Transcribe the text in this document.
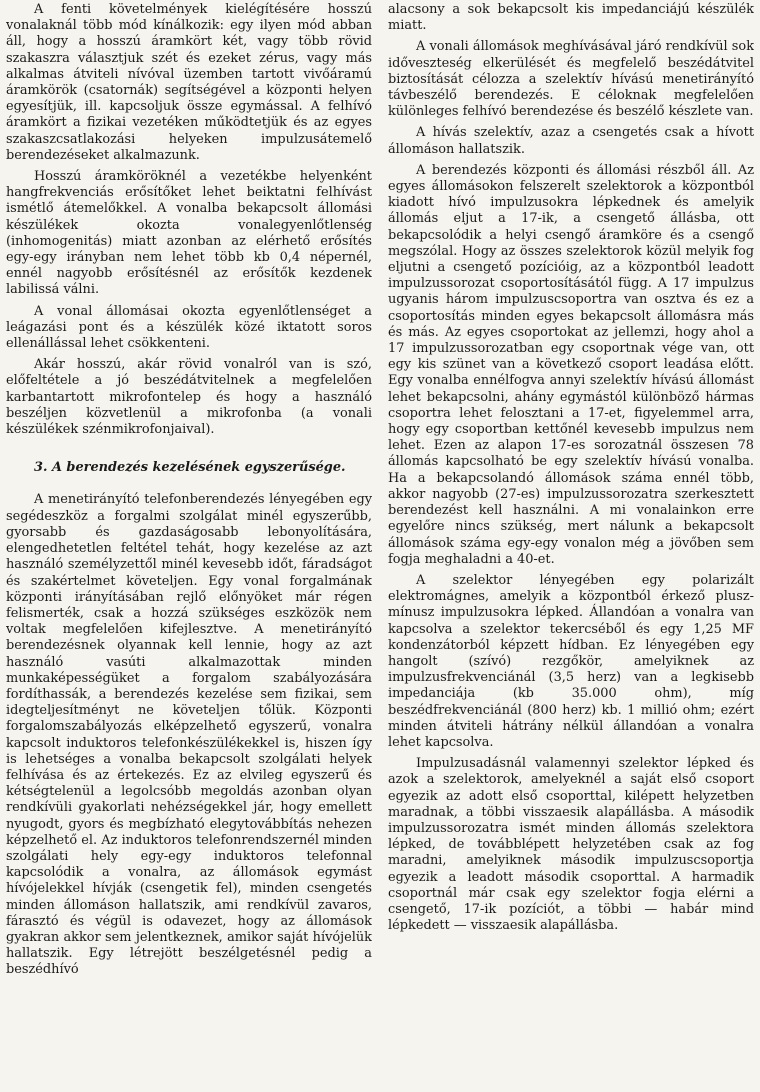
A fenti követelmények kielégítésére hosszú vonalaknál több mód kínálkozik: egy ilyen mód abban áll, hogy a hosszú áramkört két, vagy több rövid szakaszra választjuk szét és ezeket zérus, vagy más alkalmas átviteli nívóval üzemben tartott vivőáramú áramkörök (csatornák) segítségével a központi helyen egyesítjük, ill. kapcsoljuk össze egymással. A felhívó áramkört a fizikai vezetéken működtetjük és az egyes szakaszcsatlakozási helyeken impulzusátemelő berendezéseket alkalmazunk.

Hosszú áramköröknél a vezetékbe helyenként hangfrekvenciás erősítőket lehet beiktatni felhívást ismétlő átemelőkkel. A vonalba bekapcsolt állomási készülékek okozta vonalegyenlőtlenség (inhomogenitás) miatt azonban az elérhető erősítés egy-egy irányban nem lehet több kb 0,4 népernél, ennél nagyobb erősítésnél az erősítők kezdenek labilissá válni.

A vonal állomásai okozta egyenlőtlenséget a leágazási pont és a készülék közé iktatott soros ellenállással lehet csökkenteni.

Akár hosszú, akár rövid vonalról van is szó, előfeltétele a jó beszédátvitelnek a megfelelően karbantartott mikrofontelep és hogy a használó beszéljen közvetlenül a mikrofonba (a vonali készülékek szénmikrofonjaival).

3. A berendezés kezelésének egyszerűsége.

A menetirányító telefonberendezés lényegében egy segédeszköz a forgalmi szolgálat minél egyszerűbb, gyorsabb és gazdaságosabb lebonyolítására, elengedhetetlen feltétel tehát, hogy kezelése az azt használó személyzettől minél kevesebb időt, fáradságot és szakértelmet követeljen. Egy vonal forgalmának központi irányításában rejlő előnyöket már régen felismerték, csak a hozzá szükséges eszközök nem voltak megfelelően kifejlesztve. A menetirányító berendezésnek olyannak kell lennie, hogy az azt használó vasúti alkalmazottak minden munkaképességüket a forgalom szabályozására fordíthassák, a berendezés kezelése sem fizikai, sem idegteljesítményt ne követeljen tőlük. Központi forgalomszabályozás elképzelhető egyszerű, vonalra kapcsolt induktoros telefonkészülékekkel is, hiszen így is lehetséges a vonalba bekapcsolt szolgálati helyek felhívása és az értekezés. Ez az elvileg egyszerű és kétségtelenül a legolcsóbb megoldás azonban olyan rendkívüli gyakorlati nehézségekkel jár, hogy emellett nyugodt, gyors és megbízható elegytovábbítás nehezen képzelhető el. Az induktoros telefonrendszernél minden szolgálati hely egy-egy induktoros telefonnal kapcsolódik a vonalra, az állomások egymást hívójelekkel hívják (csengetik fel), minden csengetés minden állomáson hallatszik, ami rendkívül zavaros, fárasztó és végül is odavezet, hogy az állomások gyakran akkor sem jelentkeznek, amikor saját hívójelük hallatszik. Egy létrejött beszélgetésnél pedig a beszédhívó

alacsony a sok bekapcsolt kis impedanciájú készülék miatt.

A vonali állomások meghívásával járó rendkívül sok időveszteség elkerülését és megfelelő beszédátvitel biztosítását célozza a szelektív hívású menetirányító távbeszélő berendezés. E céloknak megfelelően különleges felhívó berendezése és beszélő készlete van.

A hívás szelektív, azaz a csengetés csak a hívott állomáson hallatszik.

A berendezés központi és állomási részből áll. Az egyes állomásokon felszerelt szelektorok a központból kiadott hívó impulzusokra lépkednek és amelyik állomás eljut a 17-ik, a csengető állásba, ott bekapcsolódik a helyi csengő áramköre és a csengő megszólal. Hogy az összes szelektorok közül melyik fog eljutni a csengető pozícióig, az a központból leadott impulzussorozat csoportosításától függ. A 17 impulzus ugyanis három impulzuscsoportra van osztva és ez a csoportosítás minden egyes bekapcsolt állomásra más és más. Az egyes csoportokat az jellemzi, hogy ahol a 17 impulzussorozatban egy csoportnak vége van, ott egy kis szünet van a következő csoport leadása előtt. Egy vonalba ennélfogva annyi szelektív hívású állomást lehet bekapcsolni, ahány egymástól különböző hármas csoportra lehet felosztani a 17-et, figyelemmel arra, hogy egy csoportban kettőnél kevesebb impulzus nem lehet. Ezen az alapon 17-es sorozatnál összesen 78 állomás kapcsolható be egy szelektív hívású vonalba. Ha a bekapcsolandó állomások száma ennél több, akkor nagyobb (27-es) impulzussorozatra szerkesztett berendezést kell használni. A mi vonalainkon erre egyelőre nincs szükség, mert nálunk a bekapcsolt állomások száma egy-egy vonalon még a jövőben sem fogja meghaladni a 40-et.

A szelektor lényegében egy polarizált elektromágnes, amelyik a központból érkező plusz-mínusz impulzusokra lépked. Állandóan a vonalra van kapcsolva a szelektor tekercséből és egy 1,25 MF kondenzátorból képzett hídban. Ez lényegében egy hangolt (szívó) rezgőkör, amelyiknek az impulzusfrekvenciánál (3,5 herz) van a legkisebb impedanciája (kb 35.000 ohm), míg beszédfrekvenciánál (800 herz) kb. 1 millió ohm; ezért minden átviteli hátrány nélkül állandóan a vonalra lehet kapcsolva.

Impulzusadásnál valamennyi szelektor lépked és azok a szelektorok, amelyeknél a saját első csoport egyezik az adott első csoporttal, kilépett helyzetben maradnak, a többi visszaesik alapállásba. A második impulzussorozatra ismét minden állomás szelektora lépked, de továbblépett helyzetében csak az fog maradni, amelyiknek második impulzuscsoportja egyezik a leadott második csoporttal. A harmadik csoportnál már csak egy szelektor fogja elérni a csengető, 17-ik pozíciót, a többi — habár mind lépkedett — visszaesik alapállásba.
